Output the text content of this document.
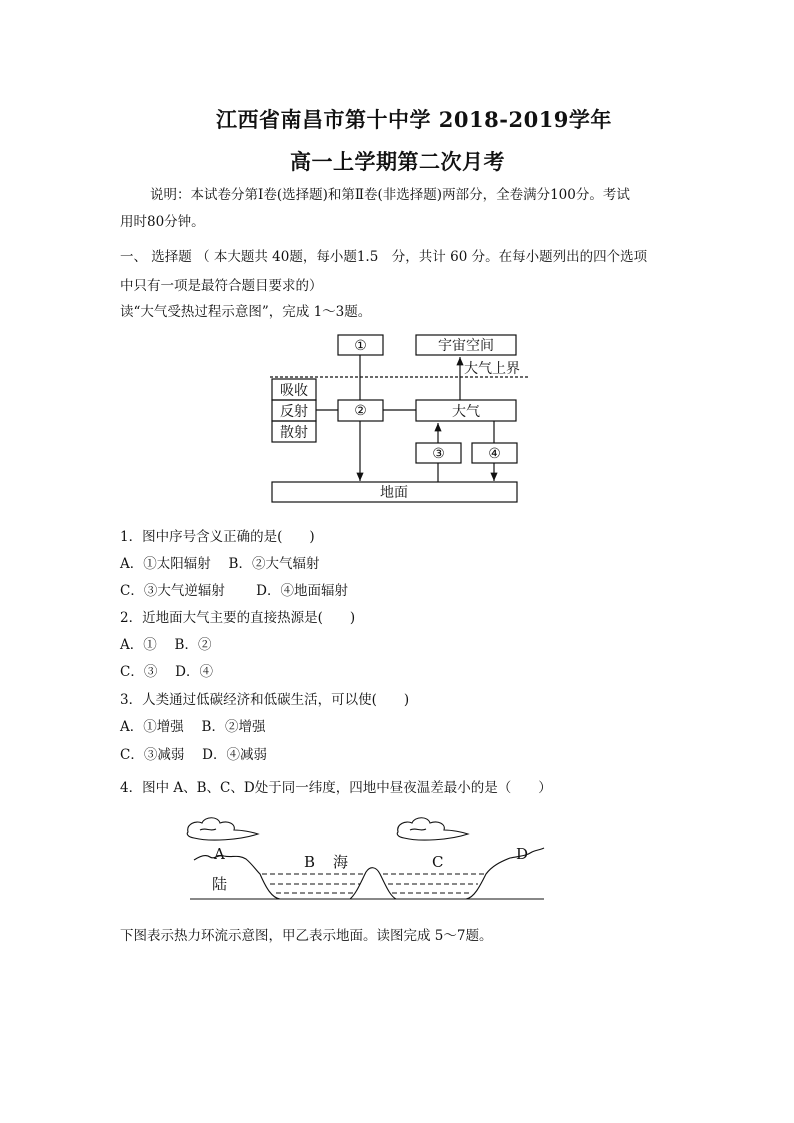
江西省南昌市第十中学 2018-2019学年
高一上学期第二次月考
说明：本试卷分第Ⅰ卷(选择题)和第Ⅱ卷(非选择题)两部分，全卷满分100分。考试
用时80分钟。
一、 选择题 （ 本大题共 40题，每小题1.5　分，共计 60 分。在每小题列出的四个选项
中只有一项是最符合题目要求的）
读“大气受热过程示意图”，完成 1～3题。
①	宇宙空间
大气上界
吸收
反射
散射
②	大气
③	④
地面
1．图中序号含义正确的是(　　)
A．①太阳辐射　 B．②大气辐射
C．③大气逆辐射　　 D．④地面辐射
2．近地面大气主要的直接热源是(　　)
A．①　 B．②
C．③　 D．④
3．人类通过低碳经济和低碳生活，可以使(　　)
A．①增强　 B．②增强
C．③减弱　 D．④减弱
4．图中 A、B、C、D处于同一纬度，四地中昼夜温差最小的是（　　）
A	B 海	C	D
陆
下图表示热力环流示意图，甲乙表示地面。读图完成 5～7题。
